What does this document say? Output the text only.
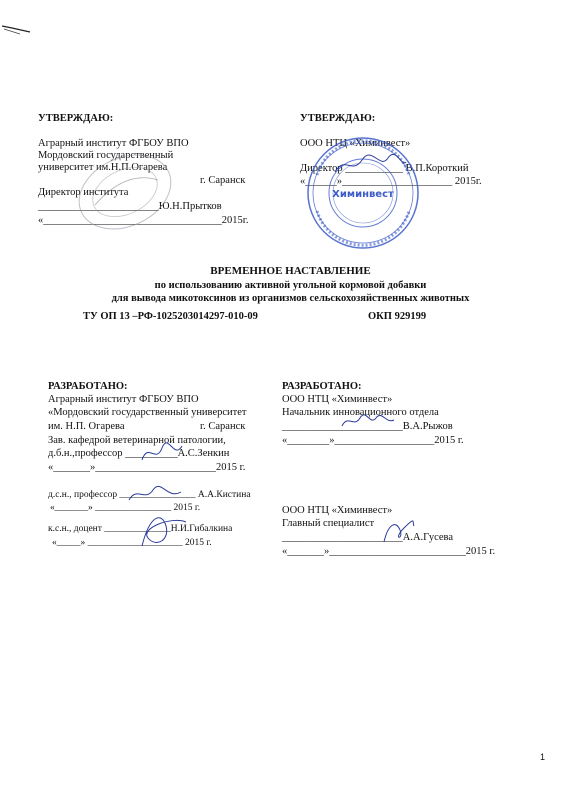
УТВЕРЖДАЮ:
Аграрный институт ФГБОУ ВПО
Мордовский государственный
университет им.Н.П.Огарева
г. Саранск
Директор института
_______________________Ю.Н.Прытков
«__________________________________2015г.
УТВЕРЖДАЮ:
ООО НТЦ «Химинвест»
Директор ___________ В.П.Короткий
«______»_____________________ 2015г.
Химинвест
ВРЕМЕННОЕ НАСТАВЛЕНИЕ
по использованию активной угольной кормовой добавки
для вывода микотоксинов из организмов сельскохозяйственных животных
ТУ ОП 13 –РФ-1025203014297-010-09	ОКП 929199
РАЗРАБОТАНО:
Аграрный институт ФГБОУ ВПО
«Мордовский государственный университет
им. Н.П. Огарева	г. Саранск
Зав. кафедрой ветеринарной патологии,
д.б.н.,профессор __________А.С.Зенкин
«_______»_______________________2015 г.
д.с.н., профессор ________________ А.А.Кистина
«_______» ________________ 2015 г.
к.с.н., доцент ______________Н.И.Гибалкина
«_____» ____________________ 2015 г.
РАЗРАБОТАНО:
ООО НТЦ «Химинвест»
Начальник инновационного отдела
_______________________В.А.Рыжов
«________»___________________2015 г.
ООО НТЦ «Химинвест»
Главный специалист
_______________________А.А.Гусева
«_______»__________________________2015 г.
1
